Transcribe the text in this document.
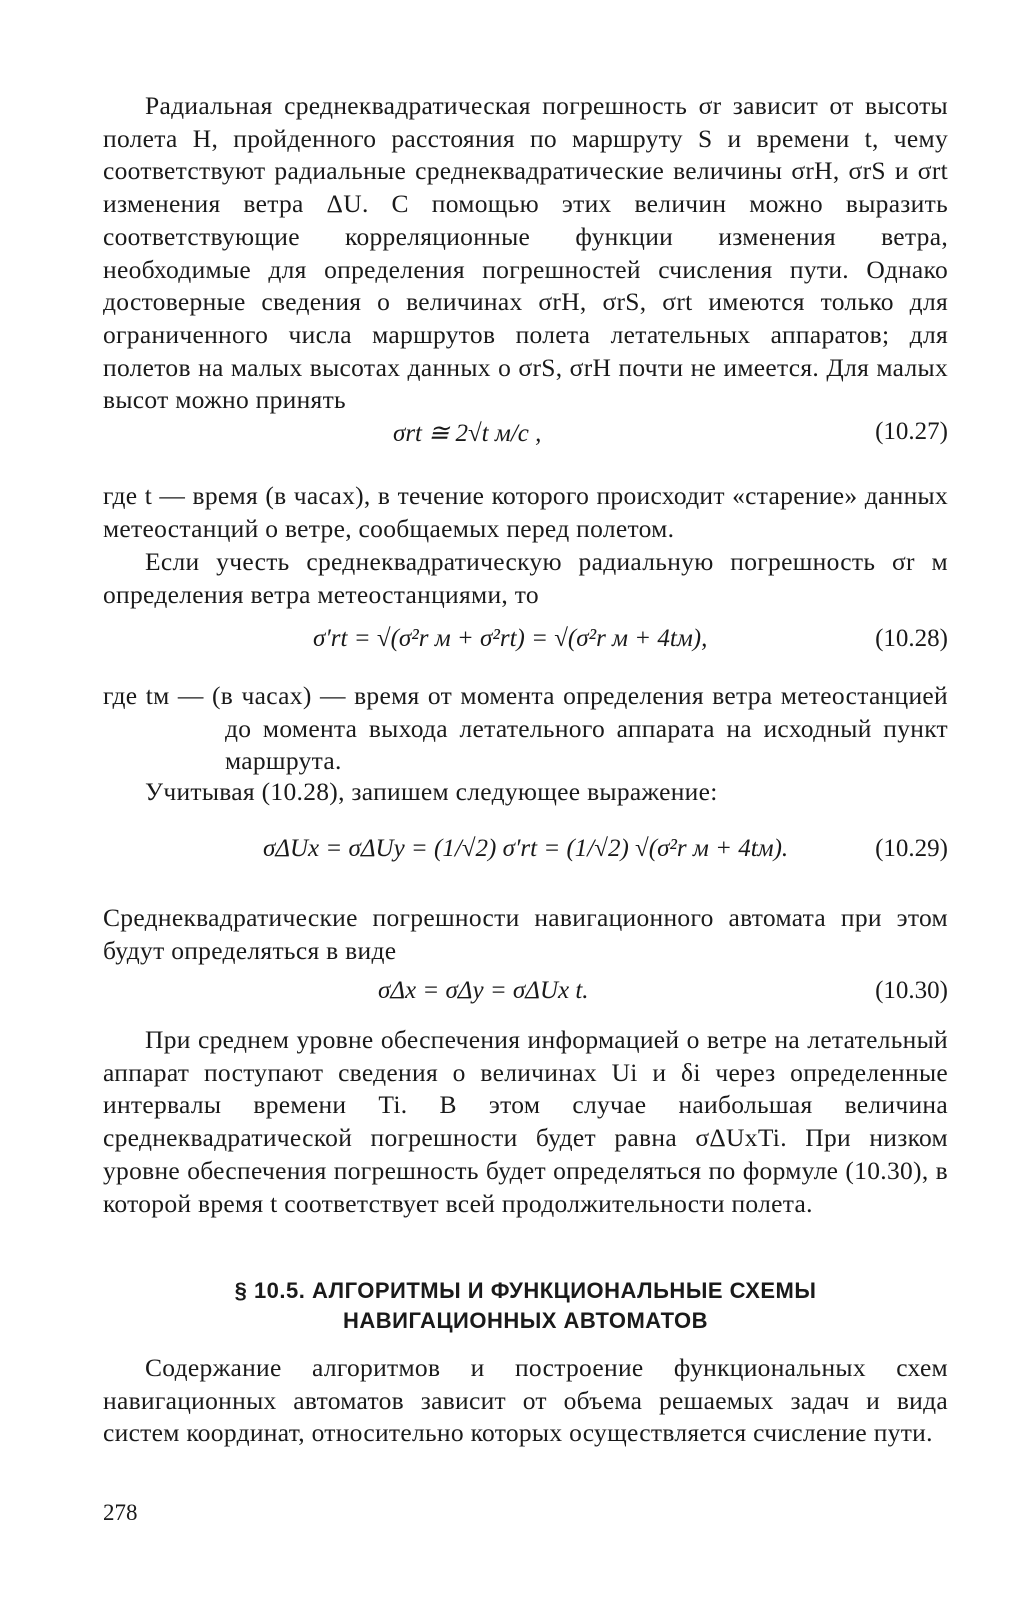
Радиальная среднеквадратическая погрешность σr зависит от высоты полета H, пройденного расстояния по маршруту S и времени t, чему соответствуют радиальные среднеквадратические величины σrH, σrS и σrt изменения ветра ΔU. С помощью этих величин можно выразить соответствующие корреляционные функции изменения ветра, необходимые для определения погрешностей счисления пути. Однако достоверные сведения о величинах σrH, σrS, σrt имеются только для ограниченного числа маршрутов полета летательных аппаратов; для полетов на малых высотах данных о σrS, σrH почти не имеется. Для малых высот можно принять

σrt ≅ 2√t м/с ,	(10.27)

где t — время (в часах), в течение которого происходит «старение» данных метеостанций о ветре, сообщаемых перед полетом.

Если учесть среднеквадратическую радиальную погрешность σr м определения ветра метеостанциями, то

σ′rt = √(σ²r м + σ²rt) = √(σ²r м + 4tм),	(10.28)

где tм — (в часах) — время от момента определения ветра метеостанцией до момента выхода летательного аппарата на исходный пункт маршрута.

Учитывая (10.28), запишем следующее выражение:

σΔUx = σΔUy = (1/√2) σ′rt = (1/√2) √(σ²r м + 4tм).	(10.29)

Среднеквадратические погрешности навигационного автомата при этом будут определяться в виде

σΔx = σΔy = σΔUx t.	(10.30)

При среднем уровне обеспечения информацией о ветре на летательный аппарат поступают сведения о величинах Ui и δi через определенные интервалы времени Ti. В этом случае наибольшая величина среднеквадратической погрешности будет равна σΔUxTi. При низком уровне обеспечения погрешность будет определяться по формуле (10.30), в которой время t соответствует всей продолжительности полета.

§ 10.5. АЛГОРИТМЫ И ФУНКЦИОНАЛЬНЫЕ СХЕМЫ
НАВИГАЦИОННЫХ АВТОМАТОВ

Содержание алгоритмов и построение функциональных схем навигационных автоматов зависит от объема решаемых задач и вида систем координат, относительно которых осуществляется счисление пути.

278
